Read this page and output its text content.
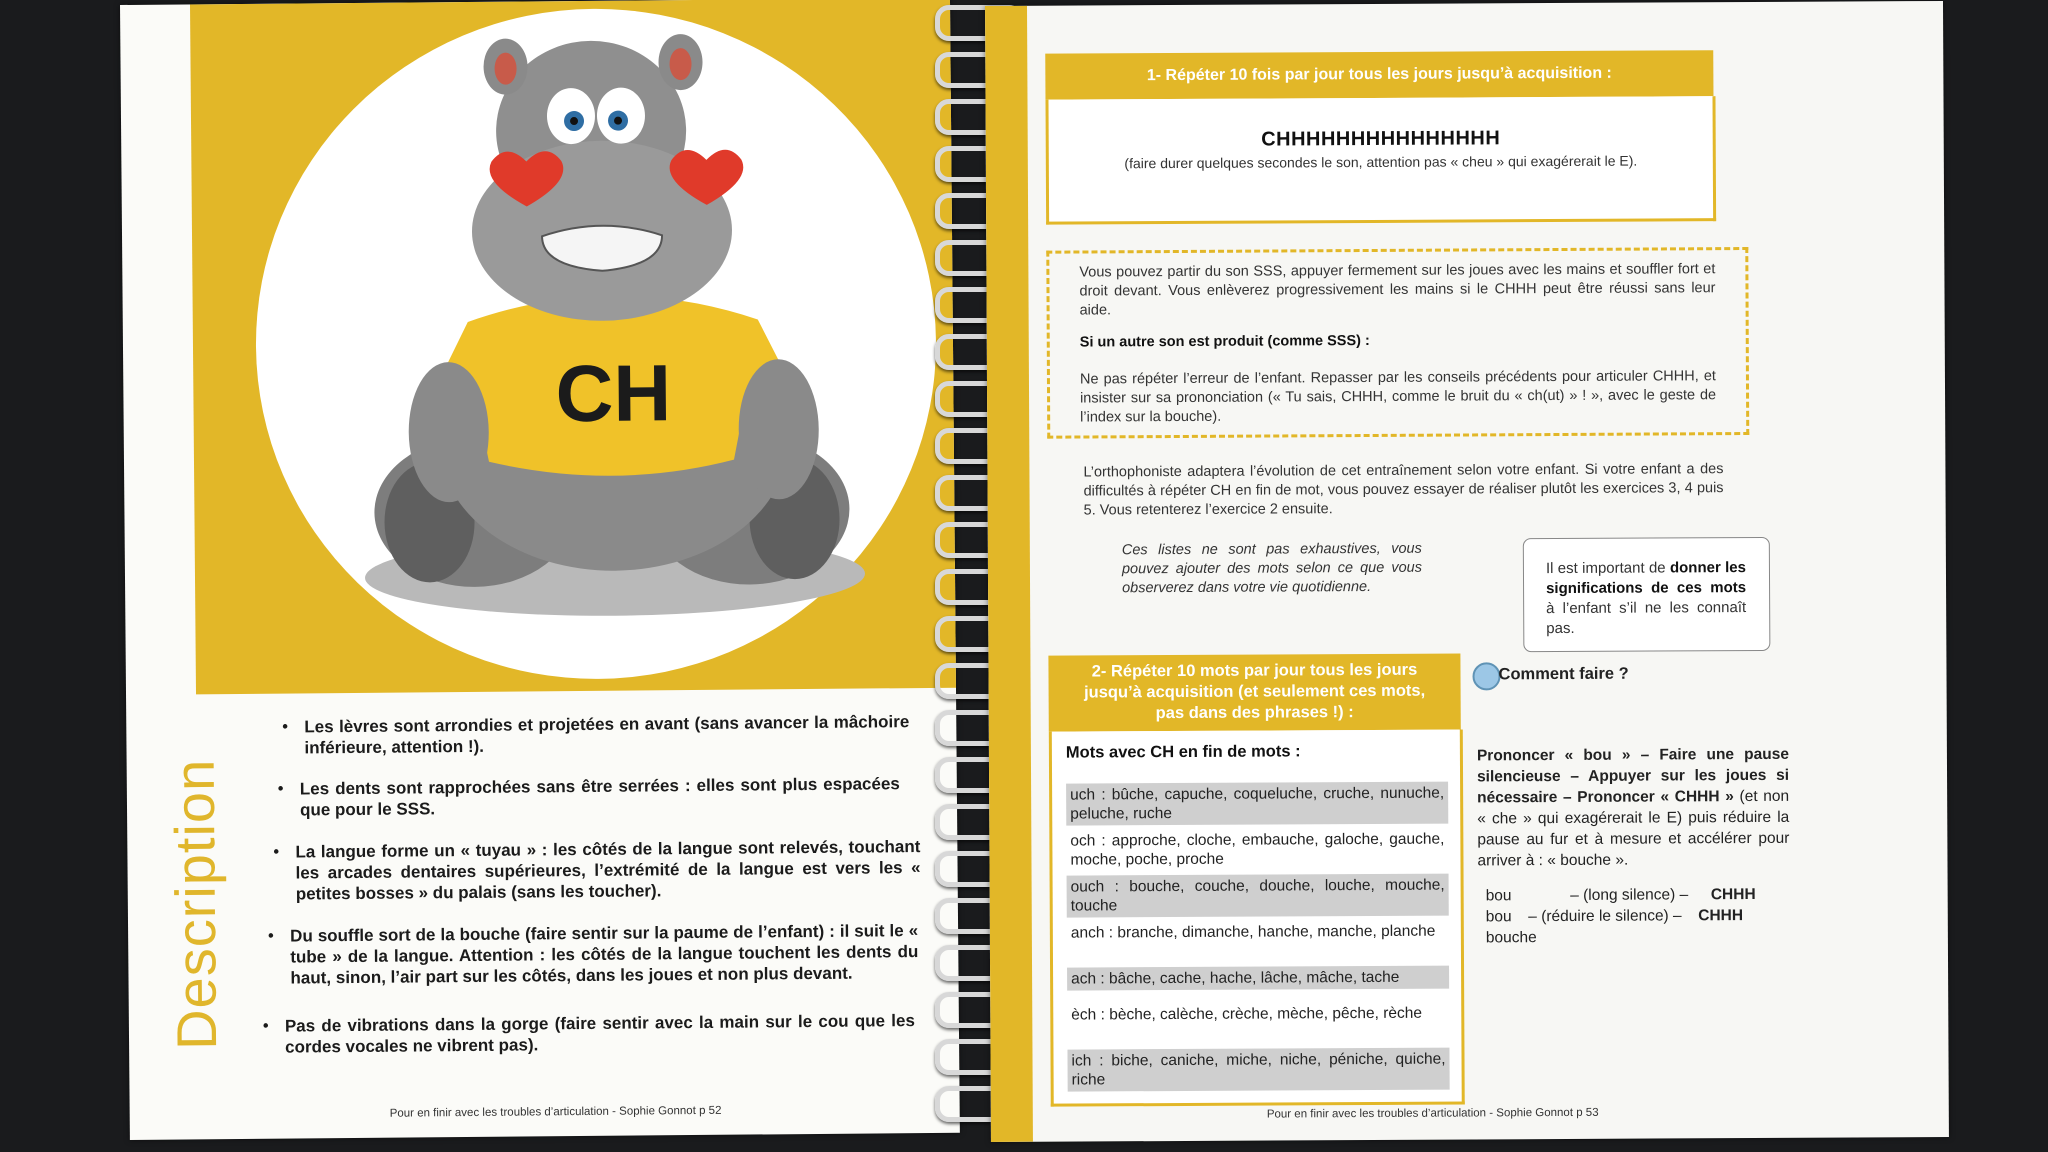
CH
Description
• Les lèvres sont arrondies et projetées en avant (sans avancer la mâchoire inférieure, attention !).
• Les dents sont rapprochées sans être serrées : elles sont plus espacées que pour le SSS.
• La langue forme un « tuyau » : les côtés de la langue sont relevés, touchant les arcades dentaires supérieures, l’extrémité de la langue est vers les « petites bosses » du palais (sans les toucher).
• Du souffle sort de la bouche (faire sentir sur la paume de l’enfant) : il suit le « tube » de la langue. Attention : les côtés de la langue touchent les dents du haut, sinon, l’air part sur les côtés, dans les joues et non plus devant.
• Pas de vibrations dans la gorge (faire sentir avec la main sur le cou que les cordes vocales ne vibrent pas).
Pour en finir avec les troubles d’articulation - Sophie Gonnot p 52
1- Répéter 10 fois par jour tous les jours jusqu’à acquisition :
CHHHHHHHHHHHHHHH
(faire durer quelques secondes le son, attention pas « cheu » qui exagérerait le E).
Vous pouvez partir du son SSS, appuyer fermement sur les joues avec les mains et souffler fort et droit devant. Vous enlèverez progressivement les mains si le CHHH peut être réussi sans leur aide.
Si un autre son est produit (comme SSS) :
Ne pas répéter l’erreur de l’enfant. Repasser par les conseils précédents pour articuler CHHH, et insister sur sa prononciation (« Tu sais, CHHH, comme le bruit du « ch(ut) » ! », avec le geste de l’index sur la bouche).
L’orthophoniste adaptera l’évolution de cet entraînement selon votre enfant. Si votre enfant a des difficultés à répéter CH en fin de mot, vous pouvez essayer de réaliser plutôt les exercices 3, 4 puis 5. Vous retenterez l’exercice 2 ensuite.
Ces listes ne sont pas exhaustives, vous pouvez ajouter des mots selon ce que vous observerez dans votre vie quotidienne.
Il est important de donner les significations de ces mots à l’enfant s’il ne les connaît pas.
Comment faire ?
2- Répéter 10 mots par jour tous les jours
jusqu’à acquisition (et seulement ces mots,
pas dans des phrases !) :
Mots avec CH en fin de mots :
uch : bûche, capuche, coqueluche, cruche, nunuche, peluche, ruche
och : approche, cloche, embauche, galoche, gauche, moche, poche, proche
ouch : bouche, couche, douche, louche, mouche, touche
anch : branche, dimanche, hanche, manche, planche
ach : bâche, cache, hache, lâche, mâche, tache
èch : bèche, calèche, crèche, mèche, pêche, rèche
ich : biche, caniche, miche, niche, péniche, quiche, riche
Prononcer « bou » – Faire une pause silencieuse – Appuyer sur les joues si nécessaire – Prononcer « CHHH » (et non « che » qui exagérerait le E) puis réduire la pause au fur et à mesure et accélérer pour arriver à : « bouche ».
bou	– (long silence) – CHHH
bou – (réduire le silence) – CHHH
bouche
Pour en finir avec les troubles d’articulation - Sophie Gonnot p 53
